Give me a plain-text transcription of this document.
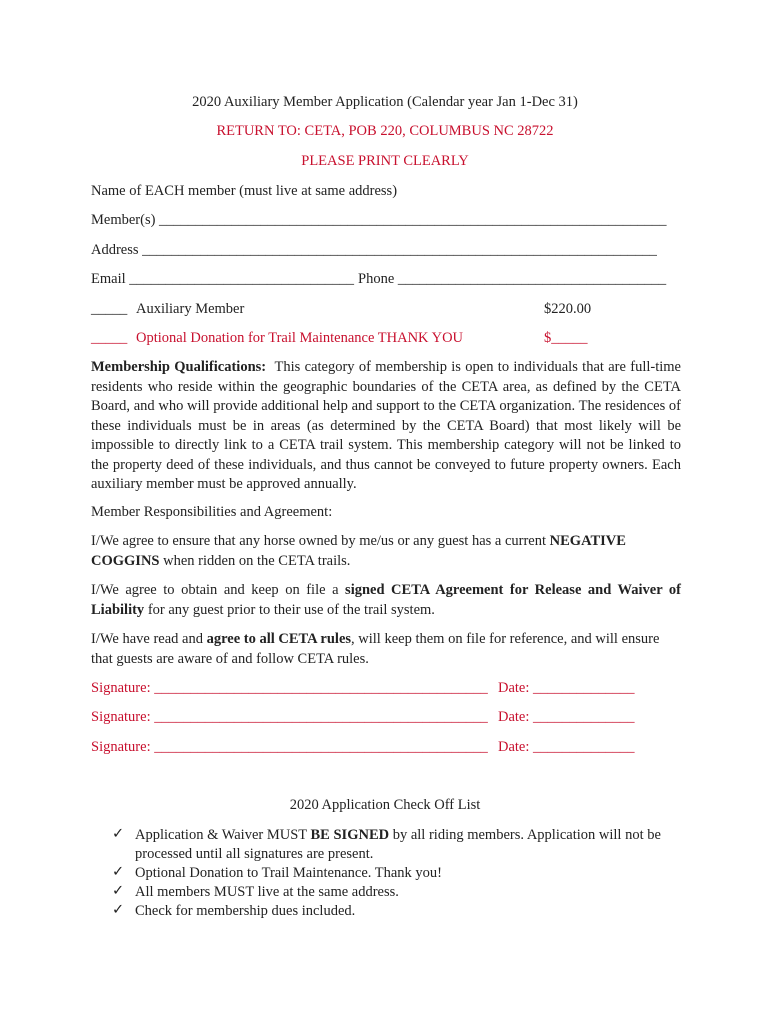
2020 Auxiliary Member Application (Calendar year Jan 1-Dec 31)
RETURN TO: CETA, POB 220, COLUMBUS NC 28722
PLEASE PRINT CLEARLY
Name of EACH member (must live at same address)
Member(s) ______________________________________________________________________
Address _______________________________________________________________________
Email _______________________________ Phone _____________________________________
_____ Auxiliary Member	$220.00
_____ Optional Donation for Trail Maintenance THANK YOU	$_____
Membership Qualifications: This category of membership is open to individuals that are full-time residents who reside within the geographic boundaries of the CETA area, as defined by the CETA Board, and who will provide additional help and support to the CETA organization. The residences of these individuals must be in areas (as determined by the CETA Board) that most likely will be impossible to directly link to a CETA trail system. This membership category will not be linked to the property deed of these individuals, and thus cannot be conveyed to future property owners. Each auxiliary member must be approved annually.
Member Responsibilities and Agreement:
I/We agree to ensure that any horse owned by me/us or any guest has a current NEGATIVE COGGINS when ridden on the CETA trails.
I/We agree to obtain and keep on file a signed CETA Agreement for Release and Waiver of Liability for any guest prior to their use of the trail system.
I/We have read and agree to all CETA rules, will keep them on file for reference, and will ensure that guests are aware of and follow CETA rules.
Signature: ______________________________________________ Date: ______________
Signature: ______________________________________________ Date: ______________
Signature: ______________________________________________ Date: ______________
2020 Application Check Off List
✓ Application & Waiver MUST BE SIGNED by all riding members. Application will not be processed until all signatures are present.
✓ Optional Donation to Trail Maintenance. Thank you!
✓ All members MUST live at the same address.
✓ Check for membership dues included.
